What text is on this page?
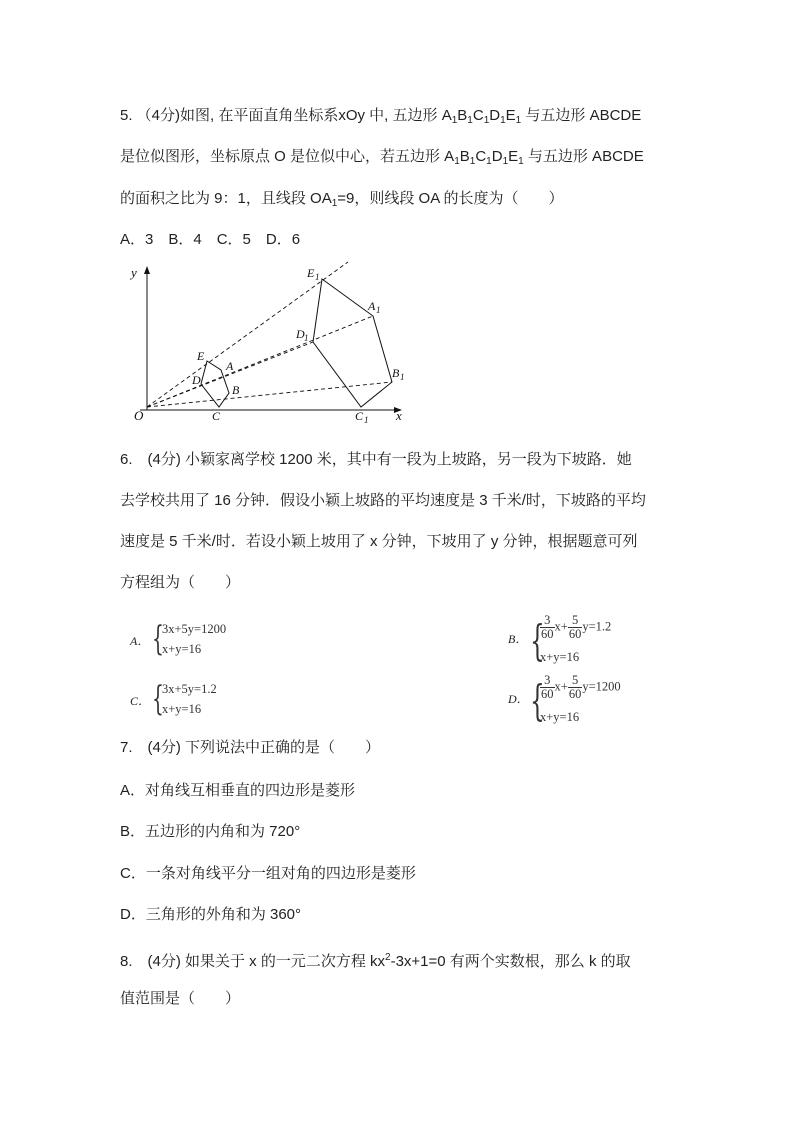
5. （4分)如图, 在平面直角坐标系xOy 中, 五边形 $A_1B_1C_1D_1E_1$ 与五边形 ABCDE
是位似图形，坐标原点 O 是位似中心，若五边形 $A_1B_1C_1D_1E_1$ 与五边形 ABCDE
的面积之比为 9：1，且线段 $OA_1=9$，则线段 OA 的长度为（　　）
A．3　B．4　C．5　D．6
y
x
O
E
A
D
B
C
E 1
A 1
D 1
B 1
C 1
6.　(4分) 小颖家离学校 1200 米，其中有一段为上坡路，另一段为下坡路．她
去学校共用了 16 分钟．假设小颖上坡路的平均速度是 3 千米/时，下坡路的平均
速度是 5 千米/时．若设小颖上坡用了 x 分钟，下坡用了 y 分钟，根据题意可列
方程组为（　　）
A． {
3x+5y=1200
x+y=16
B． {
$\frac{3}{60} x+ \frac{5}{60} y=1.2$
x+y=16
C． {
3x+5y=1.2
x+y=16
D． {
$\frac{3}{60} x+ \frac{5}{60} y=1200$
x+y=16
7.　(4分) 下列说法中正确的是（　　）
A．对角线互相垂直的四边形是菱形
B．五边形的内角和为 720°
C．一条对角线平分一组对角的四边形是菱形
D．三角形的外角和为 360°
8.　(4分) 如果关于 x 的一元二次方程 $kx^2-3x+1=0$ 有两个实数根，那么 k 的取
值范围是（　　）
